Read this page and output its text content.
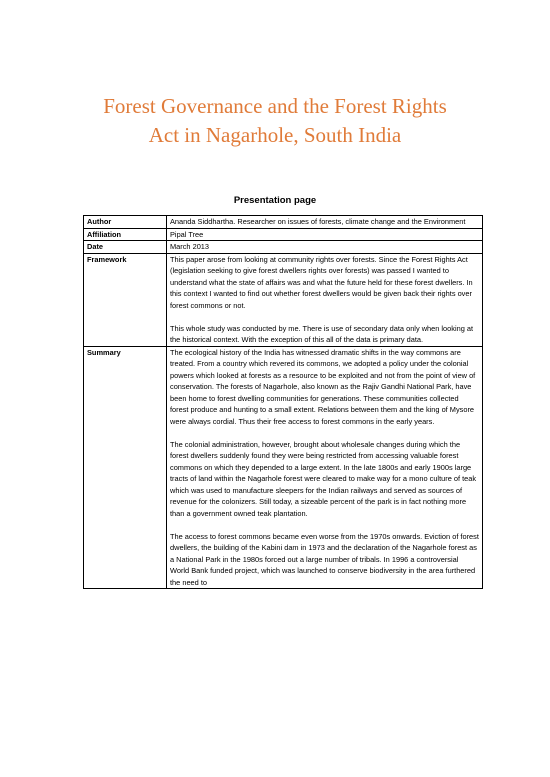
Forest Governance and the Forest Rights
Act in Nagarhole, South India
Presentation page
Author	Ananda Siddhartha. Researcher on issues of forests, climate change and the Environment
Affiliation	Pipal Tree
Date	March 2013
Framework	This paper arose from looking at community rights over forests. Since the Forest Rights Act (legislation seeking to give forest dwellers rights over forests) was passed I wanted to understand what the state of affairs was and what the future held for these forest dwellers. In this context I wanted to find out whether forest dwellers would be given back their rights over forest commons or not.

This whole study was conducted by me. There is use of secondary data only when looking at the historical context. With the exception of this all of the data is primary data.

Summary	The ecological history of the India has witnessed dramatic shifts in the way commons are treated. From a country which revered its commons, we adopted a policy under the colonial powers which looked at forests as a resource to be exploited and not from the point of view of conservation. The forests of Nagarhole, also known as the Rajiv Gandhi National Park, have been home to forest dwelling communities for generations. These communities collected forest produce and hunting to a small extent. Relations between them and the king of Mysore were always cordial. Thus their free access to forest commons in the early years.

The colonial administration, however, brought about wholesale changes during which the forest dwellers suddenly found they were being restricted from accessing valuable forest commons on which they depended to a large extent. In the late 1800s and early 1900s large tracts of land within the Nagarhole forest were cleared to make way for a mono culture of teak which was used to manufacture sleepers for the Indian railways and served as sources of revenue for the colonizers. Still today, a sizeable percent of the park is in fact nothing more than a government owned teak plantation.

The access to forest commons became even worse from the 1970s onwards. Eviction of forest dwellers, the building of the Kabini dam in 1973 and the declaration of the Nagarhole forest as a National Park in the 1980s forced out a large number of tribals. In 1996 a controversial World Bank funded project, which was launched to conserve biodiversity in the area furthered the need to
